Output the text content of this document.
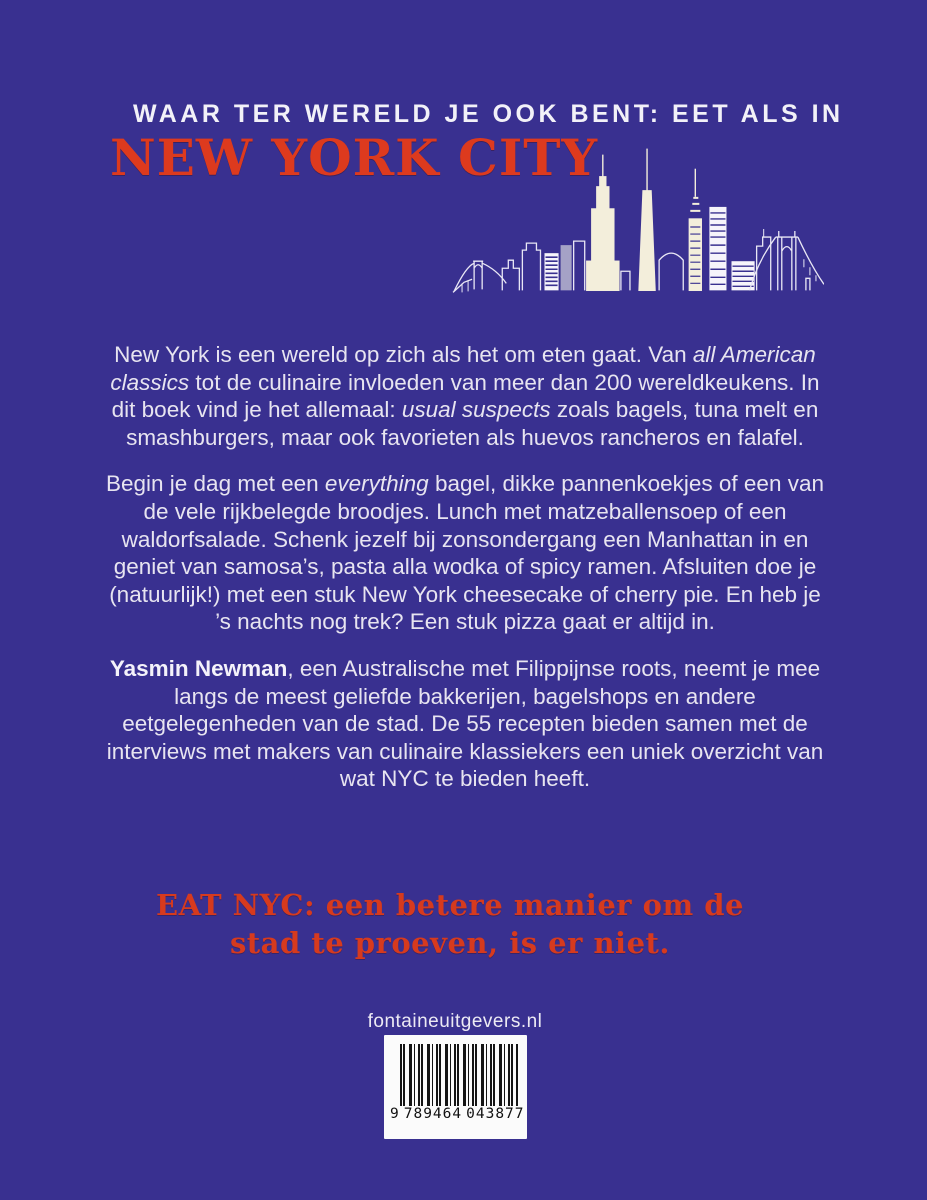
WAAR TER WERELD JE OOK BENT: EET ALS IN
NEW YORK CITY

New York is een wereld op zich als het om eten gaat. Van all American classics tot de culinaire invloeden van meer dan 200 wereldkeukens. In dit boek vind je het allemaal: usual suspects zoals bagels, tuna melt en smashburgers, maar ook favorieten als huevos rancheros en falafel.

Begin je dag met een everything bagel, dikke pannenkoekjes of een van de vele rijkbelegde broodjes. Lunch met matzeballensoep of een waldorfsalade. Schenk jezelf bij zonsondergang een Manhattan in en geniet van samosa’s, pasta alla wodka of spicy ramen. Afsluiten doe je (natuurlijk!) met een stuk New York cheesecake of cherry pie. En heb je ’s nachts nog trek? Een stuk pizza gaat er altijd in.

Yasmin Newman, een Australische met Filippijnse roots, neemt je mee langs de meest geliefde bakkerijen, bagelshops en andere eetgelegenheden van de stad. De 55 recepten bieden samen met de interviews met makers van culinaire klassiekers een uniek overzicht van wat NYC te bieden heeft.

EAT NYC: een betere manier om de
stad te proeven, is er niet.
fontaineuitgevers.nl
9 789464 043877
